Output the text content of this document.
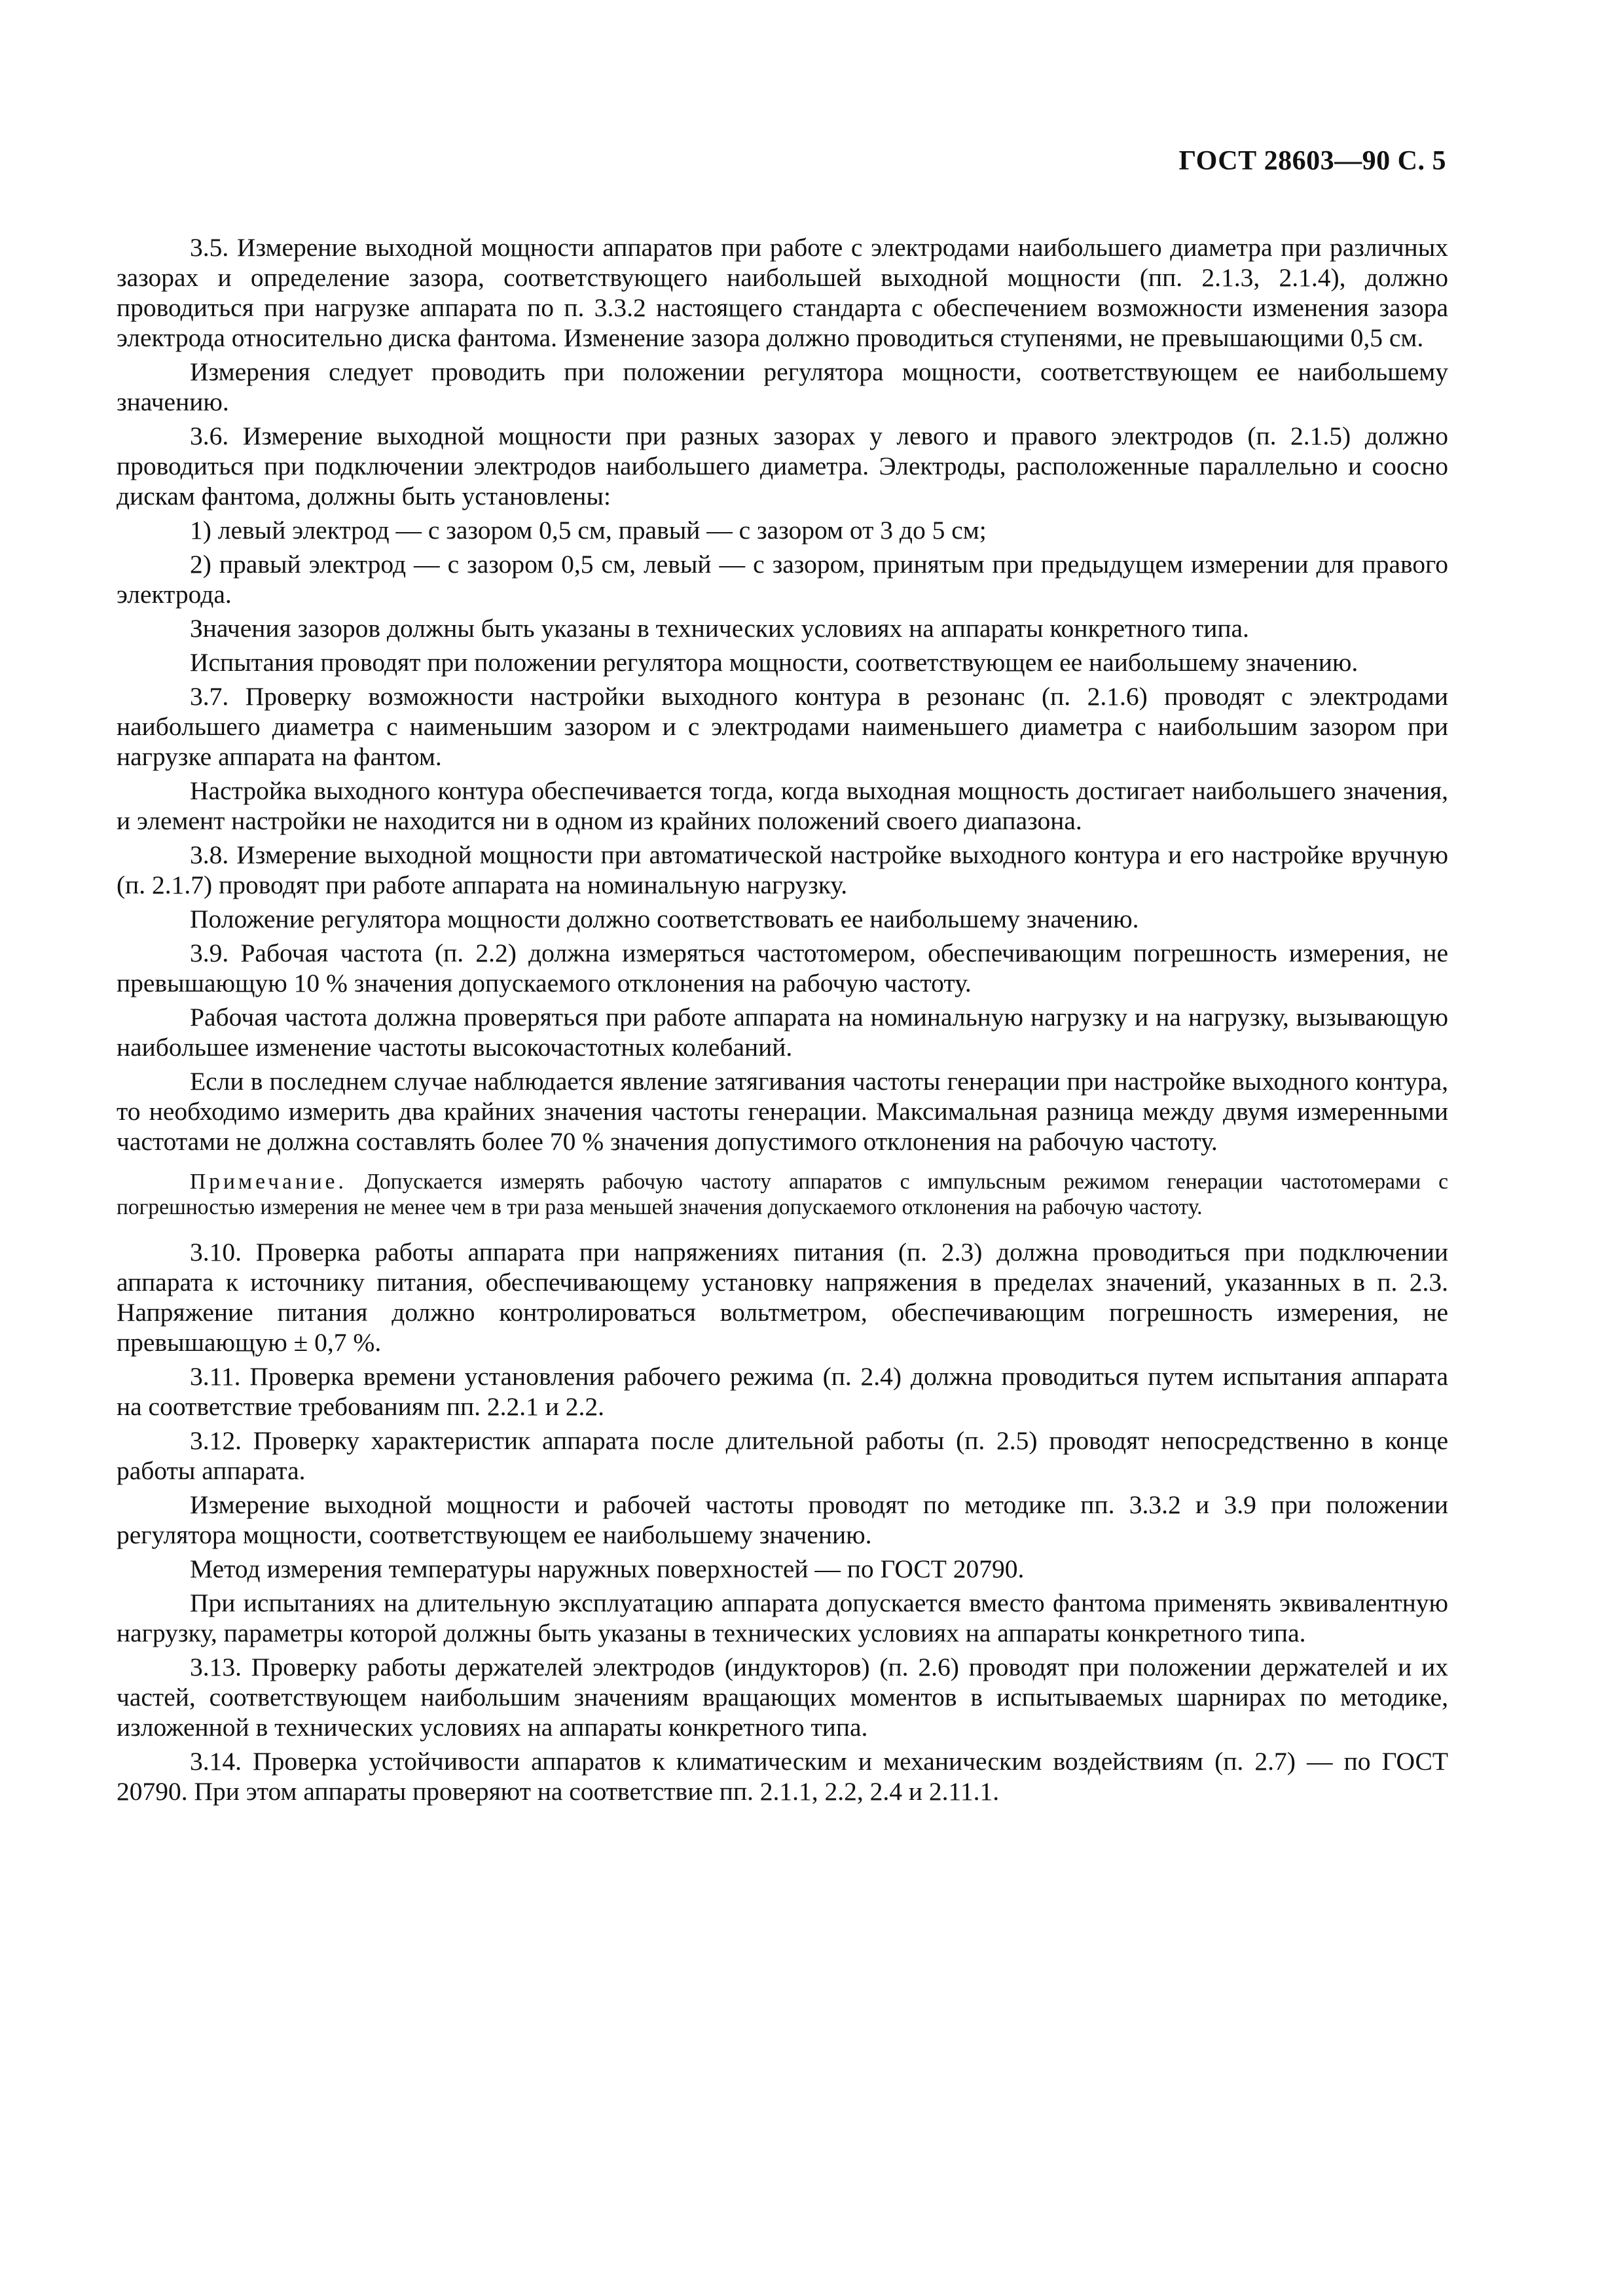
ГОСТ 28603—90 С. 5

3.5. Измерение выходной мощности аппаратов при работе с электродами наибольшего диаметра при различных зазорах и определение зазора, соответствующего наибольшей выходной мощности (пп. 2.1.3, 2.1.4), должно проводиться при нагрузке аппарата по п. 3.3.2 настоящего стандарта с обеспечением возможности изменения зазора электрода относительно диска фантома. Изменение зазора должно проводиться ступенями, не превышающими 0,5 см.

Измерения следует проводить при положении регулятора мощности, соответствующем ее наибольшему значению.

3.6. Измерение выходной мощности при разных зазорах у левого и правого электродов (п. 2.1.5) должно проводиться при подключении электродов наибольшего диаметра. Электроды, расположенные параллельно и соосно дискам фантома, должны быть установлены:

1) левый электрод — с зазором 0,5 см, правый — с зазором от 3 до 5 см;

2) правый электрод — с зазором 0,5 см, левый — с зазором, принятым при предыдущем измерении для правого электрода.

Значения зазоров должны быть указаны в технических условиях на аппараты конкретного типа.

Испытания проводят при положении регулятора мощности, соответствующем ее наибольшему значению.

3.7. Проверку возможности настройки выходного контура в резонанс (п. 2.1.6) проводят с электродами наибольшего диаметра с наименьшим зазором и с электродами наименьшего диаметра с наибольшим зазором при нагрузке аппарата на фантом.

Настройка выходного контура обеспечивается тогда, когда выходная мощность достигает наибольшего значения, и элемент настройки не находится ни в одном из крайних положений своего диапазона.

3.8. Измерение выходной мощности при автоматической настройке выходного контура и его настройке вручную (п. 2.1.7) проводят при работе аппарата на номинальную нагрузку.

Положение регулятора мощности должно соответствовать ее наибольшему значению.

3.9. Рабочая частота (п. 2.2) должна измеряться частотомером, обеспечивающим погрешность измерения, не превышающую 10 % значения допускаемого отклонения на рабочую частоту.

Рабочая частота должна проверяться при работе аппарата на номинальную нагрузку и на нагрузку, вызывающую наибольшее изменение частоты высокочастотных колебаний.

Если в последнем случае наблюдается явление затягивания частоты генерации при настройке выходного контура, то необходимо измерить два крайних значения частоты генерации. Максимальная разница между двумя измеренными частотами не должна составлять более 70 % значения допустимого отклонения на рабочую частоту.

Примечание. Допускается измерять рабочую частоту аппаратов с импульсным режимом генерации частотомерами с погрешностью измерения не менее чем в три раза меньшей значения допускаемого отклонения на рабочую частоту.

3.10. Проверка работы аппарата при напряжениях питания (п. 2.3) должна проводиться при подключении аппарата к источнику питания, обеспечивающему установку напряжения в пределах значений, указанных в п. 2.3. Напряжение питания должно контролироваться вольтметром, обеспечивающим погрешность измерения, не превышающую ± 0,7 %.

3.11. Проверка времени установления рабочего режима (п. 2.4) должна проводиться путем испытания аппарата на соответствие требованиям пп. 2.2.1 и 2.2.

3.12. Проверку характеристик аппарата после длительной работы (п. 2.5) проводят непосредственно в конце работы аппарата.

Измерение выходной мощности и рабочей частоты проводят по методике пп. 3.3.2 и 3.9 при положении регулятора мощности, соответствующем ее наибольшему значению.

Метод измерения температуры наружных поверхностей — по ГОСТ 20790.

При испытаниях на длительную эксплуатацию аппарата допускается вместо фантома применять эквивалентную нагрузку, параметры которой должны быть указаны в технических условиях на аппараты конкретного типа.

3.13. Проверку работы держателей электродов (индукторов) (п. 2.6) проводят при положении держателей и их частей, соответствующем наибольшим значениям вращающих моментов в испытываемых шарнирах по методике, изложенной в технических условиях на аппараты конкретного типа.

3.14. Проверка устойчивости аппаратов к климатическим и механическим воздействиям (п. 2.7) — по ГОСТ 20790. При этом аппараты проверяют на соответствие пп. 2.1.1, 2.2, 2.4 и 2.11.1.
